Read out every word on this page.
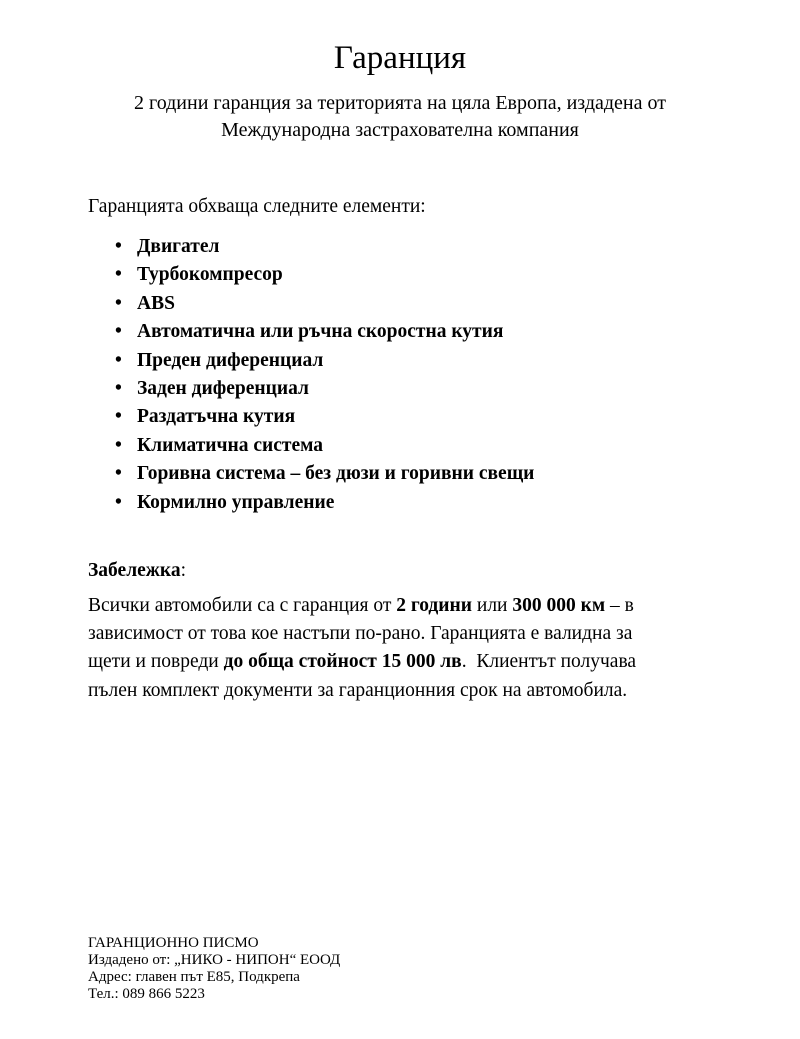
Гаранция
2 години гаранция за територията на цяла Европа, издадена от
Международна застрахователна компания
Гаранцията обхваща следните елементи:
• Двигател
• Турбокомпресор
• ABS
• Автоматична или ръчна скоростна кутия
• Преден диференциал
• Заден диференциал
• Раздатъчна кутия
• Климатична система
• Горивна система – без дюзи и горивни свещи
• Кормилно управление
Забележка:
Всички автомобили са с гаранция от 2 години или 300 000 км – в
зависимост от това кое настъпи по-рано. Гаранцията е валидна за
щети и повреди до обща стойност 15 000 лв.  Клиентът получава
пълен комплект документи за гаранционния срок на автомобила.
ГАРАНЦИОННО ПИСМО
Издадено от: „НИКО - НИПОН“ ЕООД
Адрес: главен път Е85, Подкрепа
Тел.: 089 866 5223
